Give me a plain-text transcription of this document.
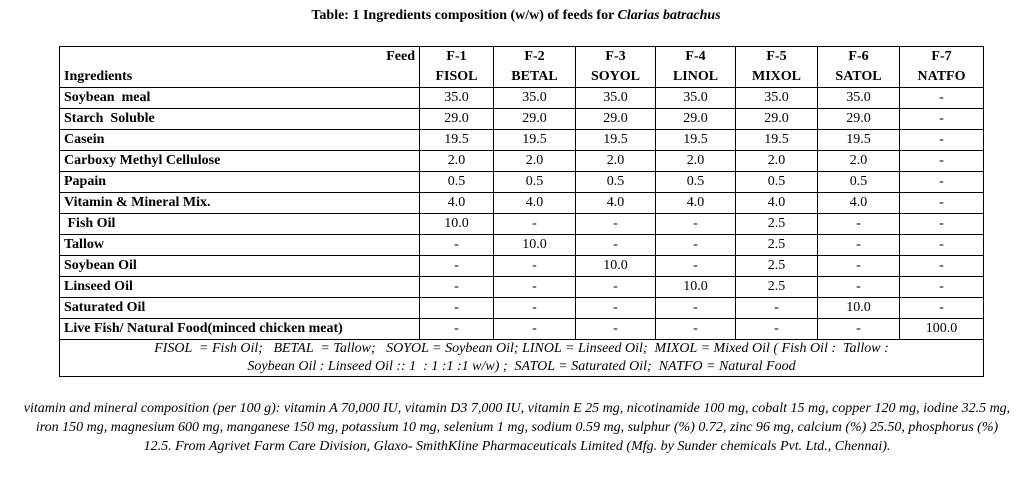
Table: 1 Ingredients composition (w/w) of feeds for Clarias batrachus
Feed	F-1	F-2	F-3	F-4	F-5	F-6	F-7
Ingredients	FISOL	BETAL	SOYOL	LINOL	MIXOL	SATOL	NATFO
Soybean  meal	35.0	35.0	35.0	35.0	35.0	35.0	-
Starch  Soluble	29.0	29.0	29.0	29.0	29.0	29.0	-
Casein	19.5	19.5	19.5	19.5	19.5	19.5	-
Carboxy Methyl Cellulose	2.0	2.0	2.0	2.0	2.0	2.0	-
Papain	0.5	0.5	0.5	0.5	0.5	0.5	-
Vitamin & Mineral Mix.	4.0	4.0	4.0	4.0	4.0	4.0	-
Fish Oil	10.0	-	-	-	2.5	-	-
Tallow	-	10.0	-	-	2.5	-	-
Soybean Oil	-	-	10.0	-	2.5	-	-
Linseed Oil	-	-	-	10.0	2.5	-	-
Saturated Oil	-	-	-	-	-	10.0	-
Live Fish/ Natural Food(minced chicken meat)	-	-	-	-	-	-	100.0

FISOL  = Fish Oil;   BETAL  = Tallow;   SOYOL = Soybean Oil; LINOL = Linseed Oil;  MIXOL = Mixed Oil ( Fish Oil :  Tallow :
Soybean Oil : Linseed Oil :: 1  : 1 :1 :1 w/w) ;  SATOL = Saturated Oil;  NATFO = Natural Food							
vitamin and mineral composition (per 100 g): vitamin A 70,000 IU, vitamin D3 7,000 IU, vitamin E 25 mg, nicotinamide 100 mg, cobalt 15 mg, copper 120 mg, iodine 32.5 mg, iron 150 mg, magnesium 600 mg, manganese 150 mg, potassium 10 mg, selenium 1 mg, sodium 0.59 mg, sulphur (%) 0.72, zinc 96 mg, calcium (%) 25.50, phosphorus (%) 12.5. From Agrivet Farm Care Division, Glaxo- SmithKline Pharmaceuticals Limited (Mfg. by Sunder chemicals Pvt. Ltd., Chennai).
